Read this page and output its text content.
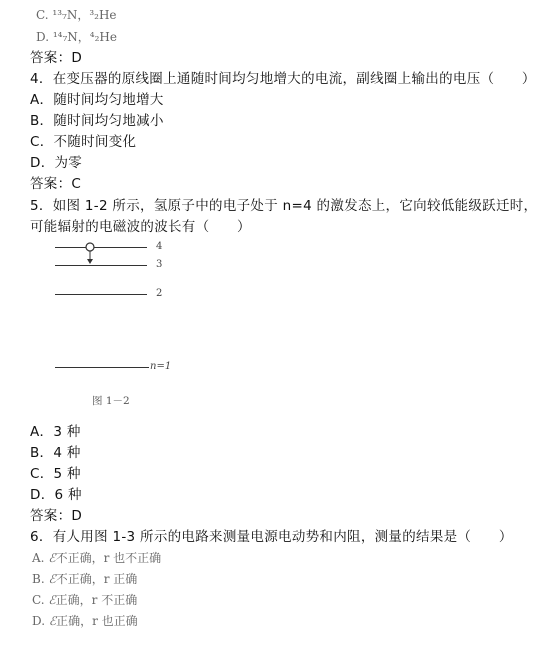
C. ¹³₇N，³₂He
D. ¹⁴₇N，⁴₂He
答案：D
4．在变压器的原线圈上通随时间均匀地增大的电流，副线圈上输出的电压（　　）
A．随时间均匀地增大
B．随时间均匀地减小
C．不随时间变化
D．为零
答案：C
5．如图 1-2 所示，氢原子中的电子处于 n=4 的激发态上，它向较低能级跃迁时，可能辐射的电磁波的波长有（　　）
4
3
2
n=1
图 1－2
A．3 种
B．4 种
C．5 种
D．6 种
答案：D
6．有人用图 1-3 所示的电路来测量电源电动势和内阻，测量的结果是（　　）
A. ℰ不正确，r 也不正确
B. ℰ不正确，r 正确
C. ℰ正确，r 不正确
D. ℰ正确，r 也正确
